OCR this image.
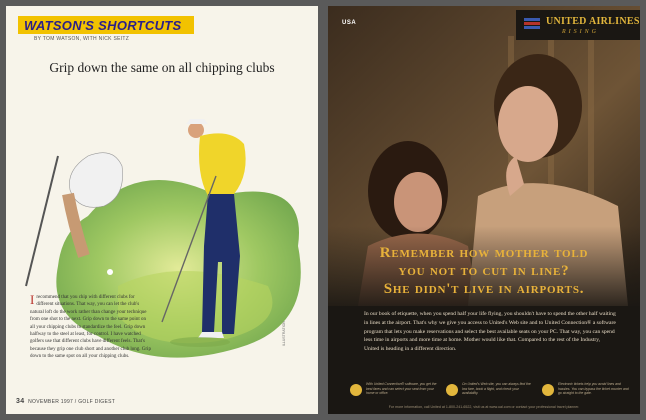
WATSON'S SHORTCUTS
BY TOM WATSON, WITH NICK SEITZ
Grip down the same on all chipping clubs
Irecommend that you chip with different clubs for different situations. That way, you can let the club's natural loft do the work rather than change your technique from one shot to the next. Grip down to the same point on all your chipping clubs to standardize the feel. Grip down halfway to the steel at least, for control. I have watched golfers use that different clubs have different feels. That's because they grip one club short and another club long. Grip down to the same spot on all your chipping clubs.
ILLUSTRATION
34 NOVEMBER 1997 / GOLF DIGEST
USA	UNITED AIRLINES
RISING
Remember how mother told
you not to cut in line?
She didn't live in airports.

In our book of etiquette, when you spend half your life flying, you shouldn't have to spend the other half waiting in lines at the airport. That's why we give you access to United's Web site and to United Connection® a software program that lets you make reservations and select the best available seats on your PC. That way, you can spend less time in airports and more time at home. Mother would like that. Compared to the rest of the Industry, United is heading in a different direction.

With United Connection® software, you get the best fares and can select your seat from your home or office.
On United's Web site, you can always find the low fare, book a flight, and check your availability.
Electronic tickets help you avoid lines and hassles. You can bypass the ticket counter and go straight to the gate.
For more information, call United at 1-800-241-6522, visit us at www.ual.com or contact your professional travel planner.
